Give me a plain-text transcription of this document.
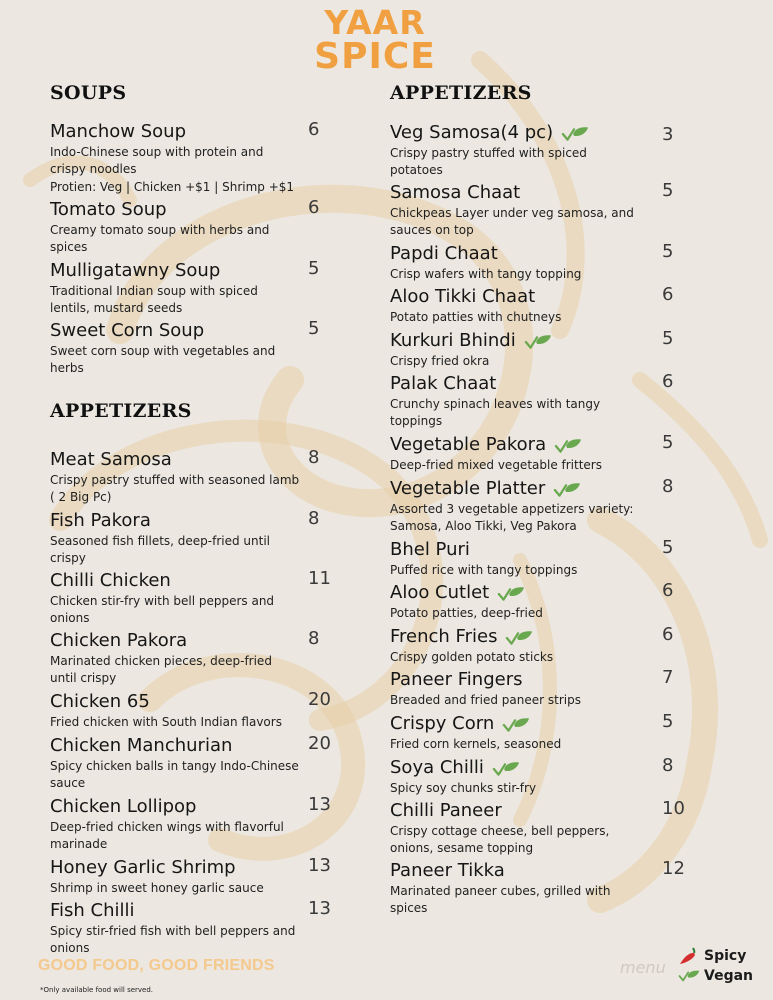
YAAR
SPICE
SOUPS
Manchow Soup	6
Indo-Chinese soup with protein and crispy noodles
Protien: Veg | Chicken +$1 | Shrimp +$1
Tomato Soup	6
Creamy tomato soup with herbs and spices
Mulligatawny Soup	5
Traditional Indian soup with spiced lentils, mustard seeds
Sweet Corn Soup	5
Sweet corn soup with vegetables and herbs
APPETIZERS
Meat Samosa	8
Crispy pastry stuffed with seasoned lamb ( 2 Big Pc)
Fish Pakora	8
Seasoned fish fillets, deep-fried until crispy
Chilli Chicken	11
Chicken stir-fry with bell peppers and onions
Chicken Pakora	8
Marinated chicken pieces, deep-fried until crispy
Chicken 65	20
Fried chicken with South Indian flavors
Chicken Manchurian	20
Spicy chicken balls in tangy Indo-Chinese sauce
Chicken Lollipop	13
Deep-fried chicken wings with flavorful marinade
Honey Garlic Shrimp	13
Shrimp in sweet honey garlic sauce
Fish Chilli	13
Spicy stir-fried fish with bell peppers and onions
APPETIZERS
Veg Samosa(4 pc)	3
Crispy pastry stuffed with spiced potatoes
Samosa Chaat	5
Chickpeas Layer under veg samosa, and sauces on top
Papdi Chaat	5
Crisp wafers with tangy topping
Aloo Tikki Chaat	6
Potato patties with chutneys
Kurkuri Bhindi	5
Crispy fried okra
Palak Chaat	6
Crunchy spinach leaves with tangy toppings
Vegetable Pakora	5
Deep-fried mixed vegetable fritters
Vegetable Platter	8
Assorted 3 vegetable appetizers variety: Samosa, Aloo Tikki, Veg Pakora
Bhel Puri	5
Puffed rice with tangy toppings
Aloo Cutlet	6
Potato patties, deep-fried
French Fries	6
Crispy golden potato sticks
Paneer Fingers	7
Breaded and fried paneer strips
Crispy Corn	5
Fried corn kernels, seasoned
Soya Chilli	8
Spicy soy chunks stir-fry
Chilli Paneer	10
Crispy cottage cheese, bell peppers, onions, sesame topping
Paneer Tikka	12
Marinated paneer cubes, grilled with spices
GOOD FOOD, GOOD FRIENDS
*Only available food will served.
menu
Spicy
Vegan
